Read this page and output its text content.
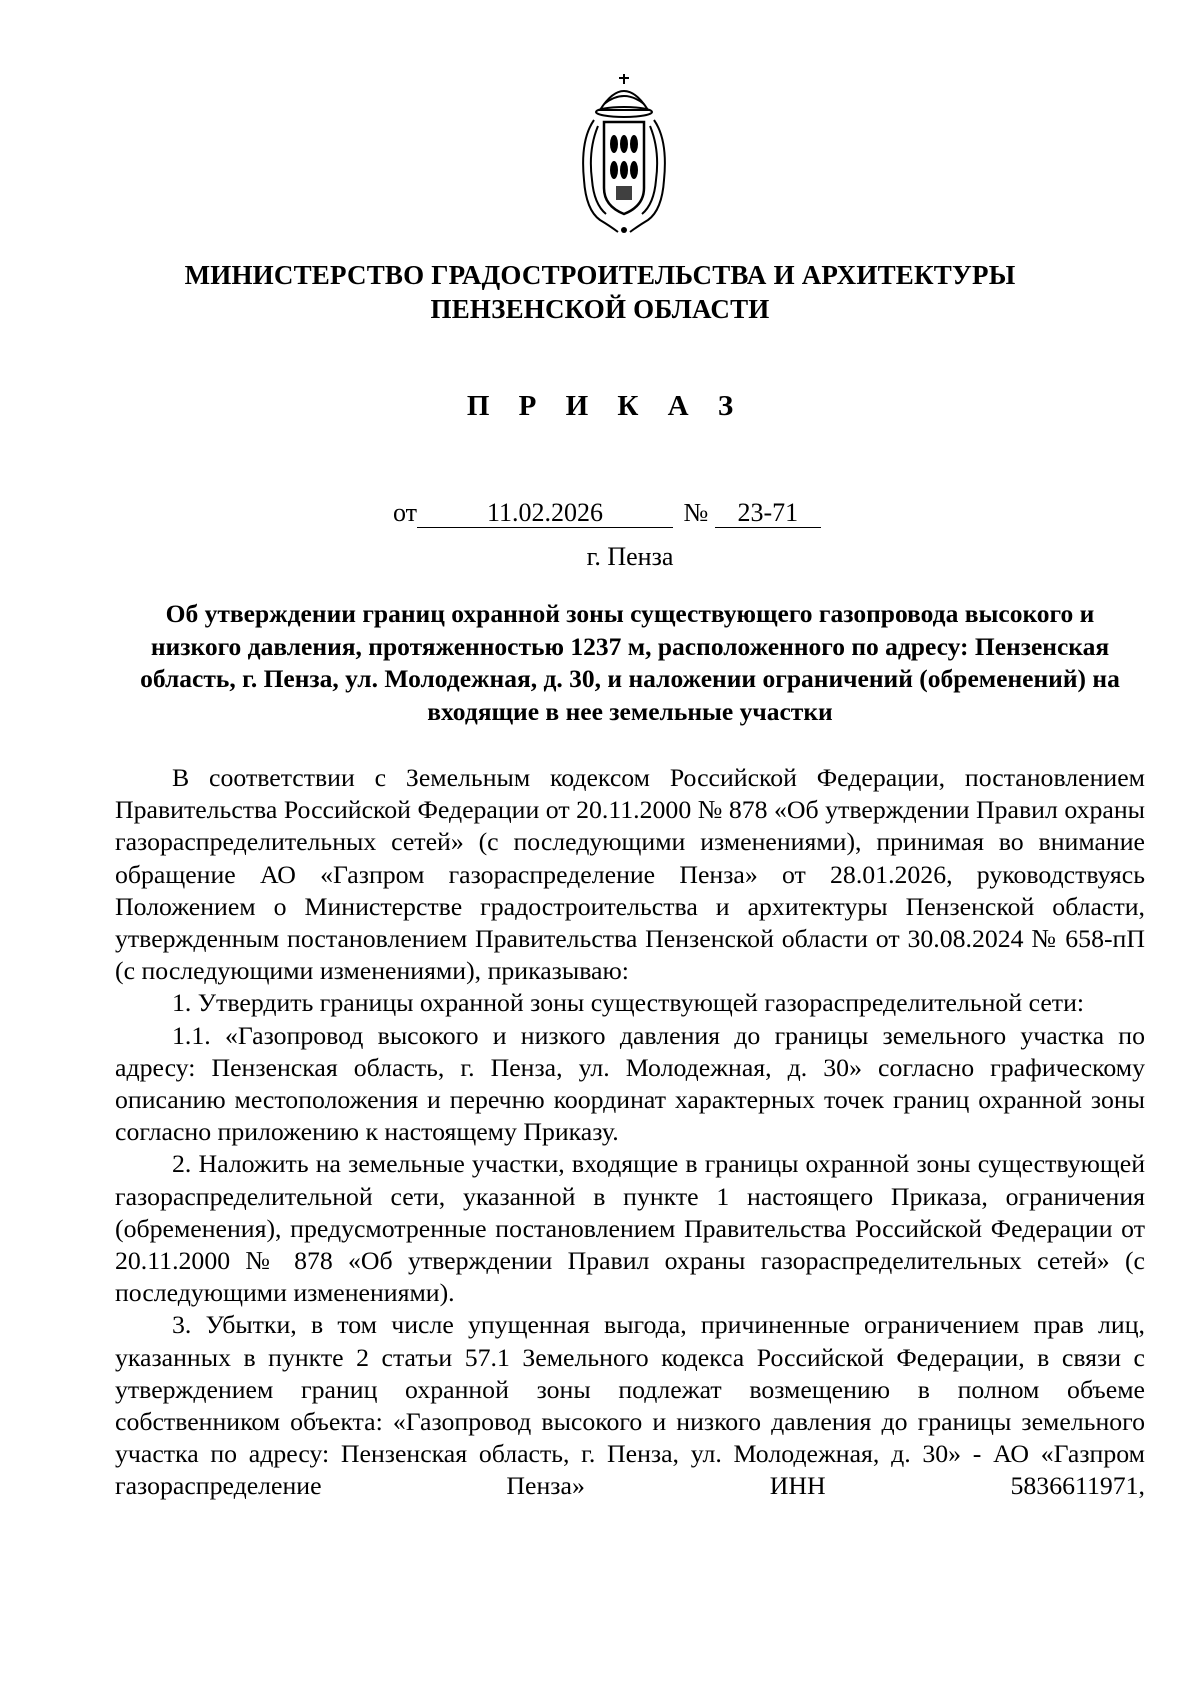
penza-coat-of-arms-icon
МИНИСТЕРСТВО ГРАДОСТРОИТЕЛЬСТВА И АРХИТЕКТУРЫ
ПЕНЗЕНСКОЙ ОБЛАСТИ
П Р И К А З
от	11.02.2026	№ 23-71
г. Пенза
Об утверждении границ охранной зоны существующего газопровода высокого и низкого давления, протяженностью 1237 м, расположенного по адресу: Пензенская область, г. Пенза, ул. Молодежная, д. 30, и наложении ограничений (обременений) на входящие в нее земельные участки

В соответствии с Земельным кодексом Российской Федерации, постановлением Правительства Российской Федерации от 20.11.2000 № 878 «Об утверждении Правил охраны газораспределительных сетей» (с последующими изменениями), принимая во внимание обращение АО «Газпром газораспределение Пенза» от 28.01.2026, руководствуясь Положением о Министерстве градостроительства и архитектуры Пензенской области, утвержденным постановлением Правительства Пензенской области от 30.08.2024 № 658-пП (с последующими изменениями), приказываю:

1. Утвердить границы охранной зоны существующей газораспределительной сети:

1.1. «Газопровод высокого и низкого давления до границы земельного участка по адресу: Пензенская область, г. Пенза, ул. Молодежная, д. 30» согласно графическому описанию местоположения и перечню координат характерных точек границ охранной зоны согласно приложению к настоящему Приказу.

2. Наложить на земельные участки, входящие в границы охранной зоны существующей газораспределительной сети, указанной в пункте 1 настоящего Приказа, ограничения (обременения), предусмотренные постановлением Правительства Российской Федерации от 20.11.2000 № 878 «Об утверждении Правил охраны газораспределительных сетей» (с последующими изменениями).

3. Убытки, в том числе упущенная выгода, причиненные ограничением прав лиц, указанных в пункте 2 статьи 57.1 Земельного кодекса Российской Федерации, в связи с утверждением границ охранной зоны подлежат возмещению в полном объеме собственником объекта: «Газопровод высокого и низкого давления до границы земельного участка по адресу: Пензенская область, г. Пенза, ул. Молодежная, д. 30» - АО «Газпром газораспределение Пенза» ИНН 5836611971,
